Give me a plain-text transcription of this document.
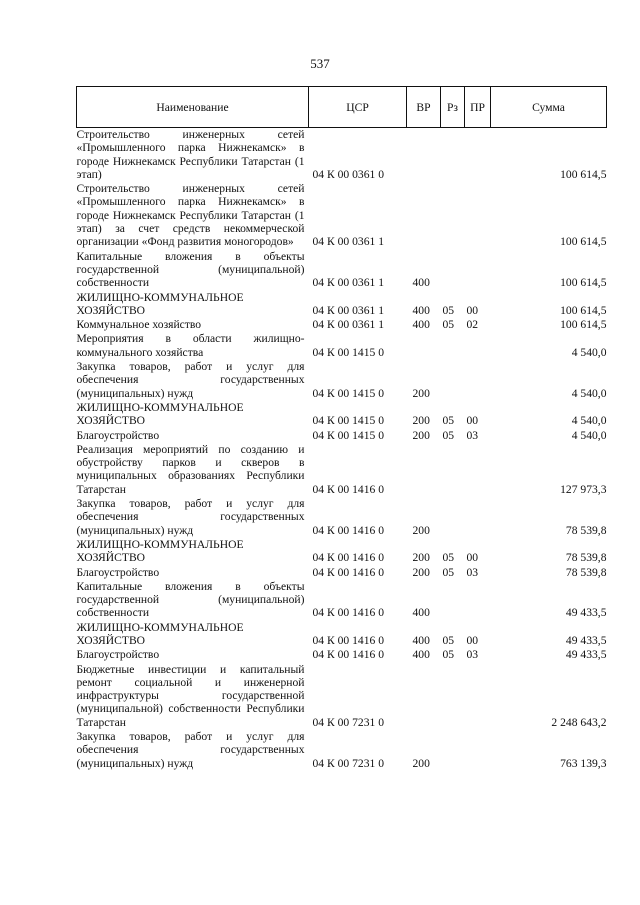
537
Наименование	ЦСР	ВР	Рз	ПР	Сумма
Строительство инженерных сетей «Промышленного парка Нижнекамск» в городе Нижнекамск Республики Татарстан (1 этап)	04 К 00 0361 0				100 614,5
Строительство инженерных сетей «Промышленного парка Нижнекамск» в городе Нижнекамск Республики Татарстан (1 этап) за счет средств некоммерческой организации «Фонд развития моногородов»	04 К 00 0361 1				100 614,5
Капитальные вложения в объекты государственной (муниципальной) собственности	04 К 00 0361 1	400			100 614,5
ЖИЛИЩНО-КОММУНАЛЬНОЕ ХОЗЯЙСТВО	04 К 00 0361 1	400	05	00	100 614,5
Коммунальное хозяйство	04 К 00 0361 1	400	05	02	100 614,5
Мероприятия в области жилищно-коммунального хозяйства	04 К 00 1415 0				4 540,0
Закупка товаров, работ и услуг для обеспечения государственных (муниципальных) нужд	04 К 00 1415 0	200			4 540,0
ЖИЛИЩНО-КОММУНАЛЬНОЕ ХОЗЯЙСТВО	04 К 00 1415 0	200	05	00	4 540,0
Благоустройство	04 К 00 1415 0	200	05	03	4 540,0
Реализация мероприятий по созданию и обустройству парков и скверов в муниципальных образованиях Республики Татарстан	04 К 00 1416 0				127 973,3
Закупка товаров, работ и услуг для обеспечения государственных (муниципальных) нужд	04 К 00 1416 0	200			78 539,8
ЖИЛИЩНО-КОММУНАЛЬНОЕ ХОЗЯЙСТВО	04 К 00 1416 0	200	05	00	78 539,8
Благоустройство	04 К 00 1416 0	200	05	03	78 539,8
Капитальные вложения в объекты государственной (муниципальной) собственности	04 К 00 1416 0	400			49 433,5
ЖИЛИЩНО-КОММУНАЛЬНОЕ ХОЗЯЙСТВО	04 К 00 1416 0	400	05	00	49 433,5
Благоустройство	04 К 00 1416 0	400	05	03	49 433,5
Бюджетные инвестиции и капитальный ремонт социальной и инженерной инфраструктуры государственной (муниципальной) собственности Республики Татарстан	04 К 00 7231 0				2 248 643,2
Закупка товаров, работ и услуг для обеспечения государственных (муниципальных) нужд	04 К 00 7231 0	200			763 139,3
